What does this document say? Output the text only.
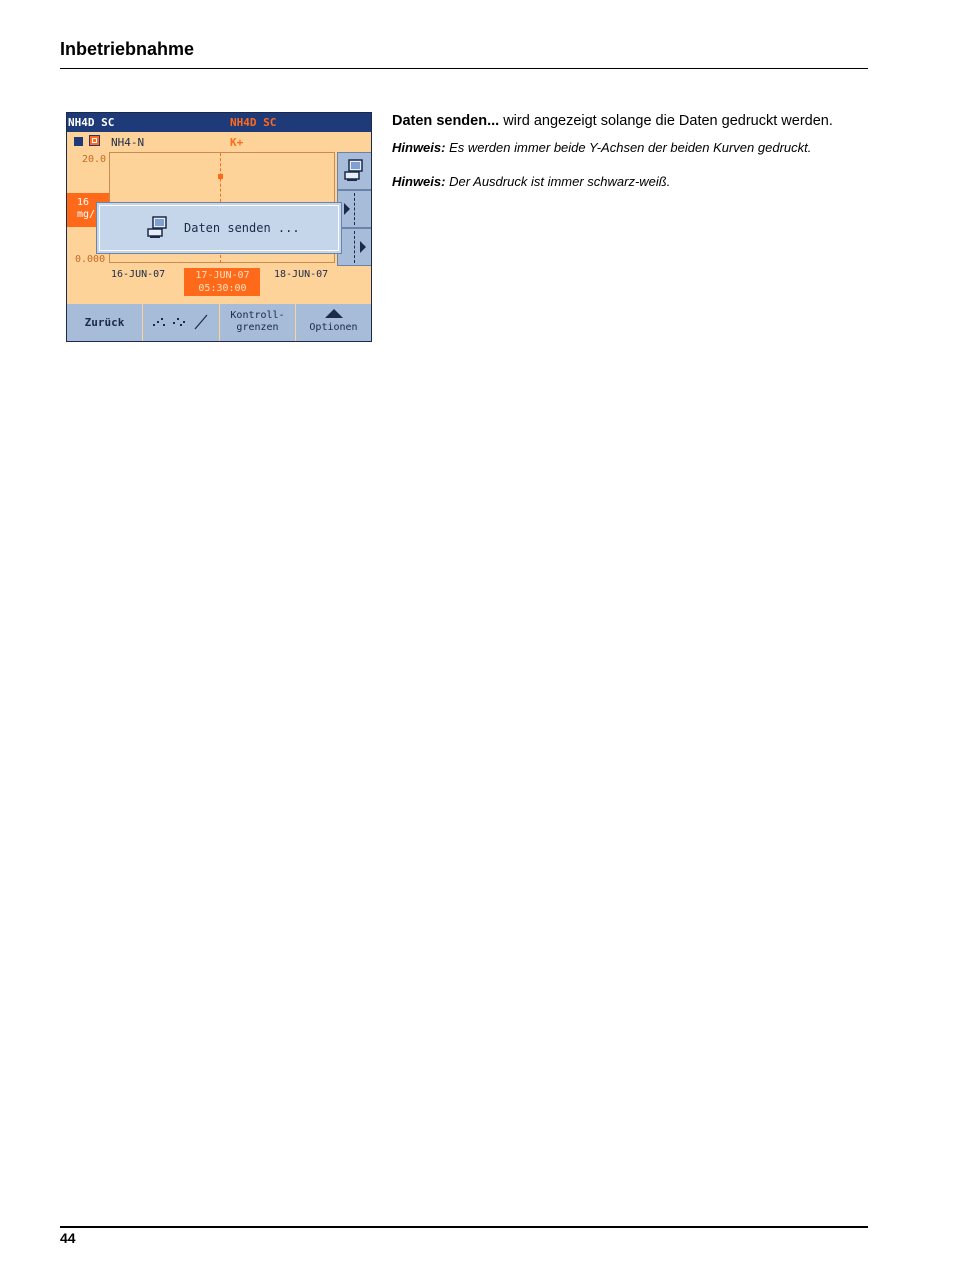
Inbetriebnahme
NH4D SC	NH4D SC
NH4-N	K+
20.0
16
mg/
0.000
16-JUN-07	17-JUN-07
05:30:00
18-JUN-07
Daten senden ...
Zurück
Kontroll-
grenzen	Optionen

Daten senden... wird angezeigt solange die Daten gedruckt werden.

Hinweis: Es werden immer beide Y-Achsen der beiden Kurven gedruckt.

Hinweis: Der Ausdruck ist immer schwarz-weiß.

44
